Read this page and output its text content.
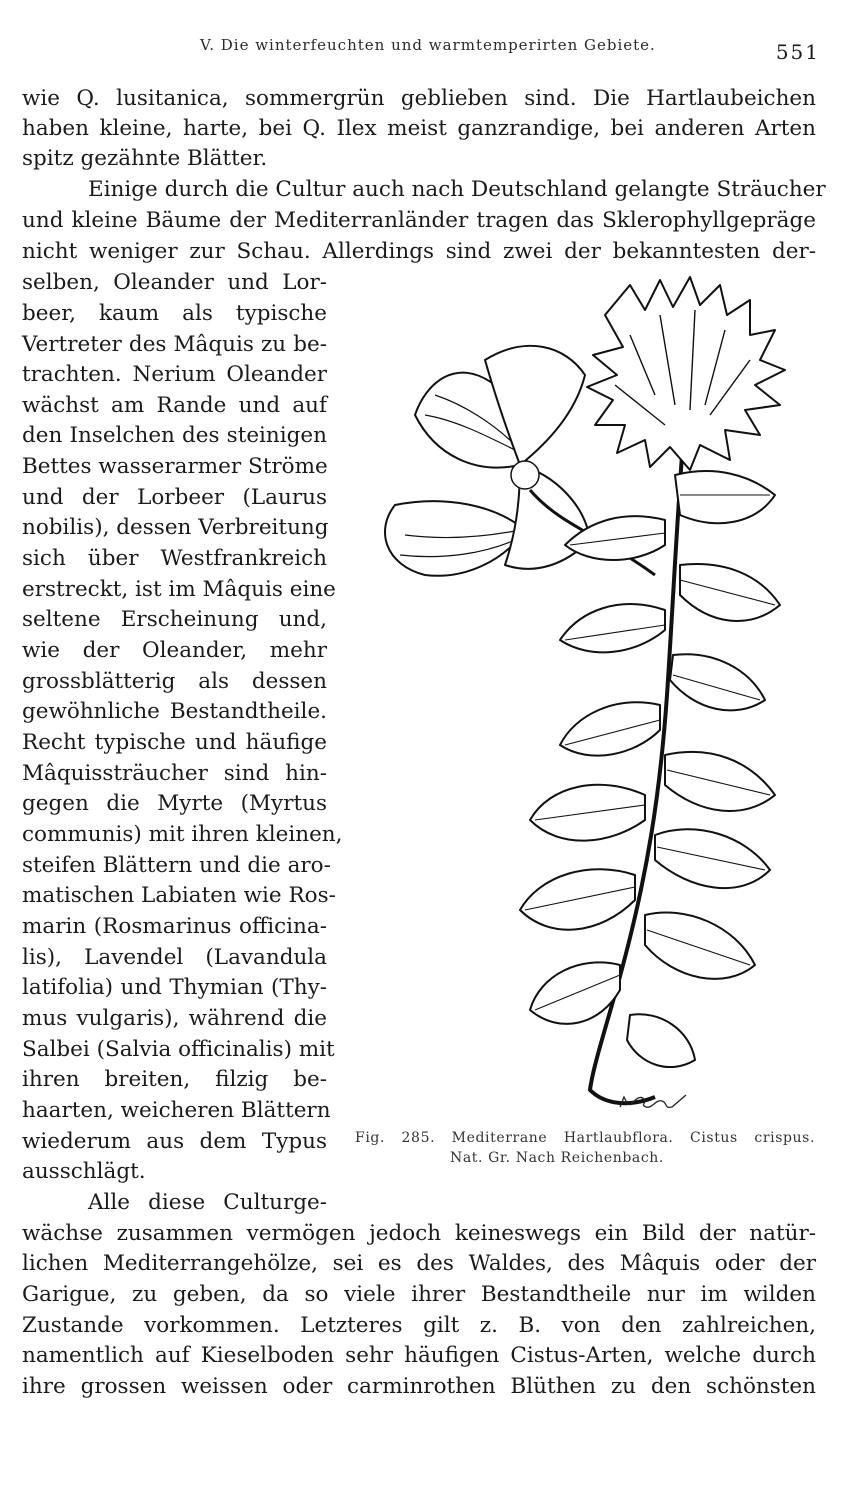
V. Die winterfeuchten und warmtemperirten Gebiete.	551
wie Q. lusitanica, sommergrün geblieben sind. Die Hartlaubeichen
haben kleine, harte, bei Q. Ilex meist ganzrandige, bei anderen Arten
spitz gezähnte Blätter.
Einige durch die Cultur auch nach Deutschland gelangte Sträucher
und kleine Bäume der Mediterranländer tragen das Sklerophyllgepräge
nicht weniger zur Schau. Allerdings sind zwei der bekanntesten der-
selben, Oleander und Lor-
beer, kaum als typische
Vertreter des Mâquis zu be-
trachten. Nerium Oleander
wächst am Rande und auf
den Inselchen des steinigen
Bettes wasserarmer Ströme
und der Lorbeer (Laurus
nobilis), dessen Verbreitung
sich über Westfrankreich
erstreckt, ist im Mâquis eine
seltene Erscheinung und,
wie der Oleander, mehr
grossblätterig als dessen
gewöhnliche Bestandtheile.
Recht typische und häufige
Mâquissträucher sind hin-
gegen die Myrte (Myrtus
communis) mit ihren kleinen,
steifen Blättern und die aro-
matischen Labiaten wie Ros-
marin (Rosmarinus officina-
lis), Lavendel (Lavandula
latifolia) und Thymian (Thy-
mus vulgaris), während die
Salbei (Salvia officinalis) mit
ihren breiten, filzig be-
haarten, weicheren Blättern
wiederum aus dem Typus
ausschlägt.
Alle diese Culturge-
wächse zusammen vermögen jedoch keineswegs ein Bild der natür-
lichen Mediterrangehölze, sei es des Waldes, des Mâquis oder der
Garigue, zu geben, da so viele ihrer Bestandtheile nur im wilden
Zustande vorkommen. Letzteres gilt z. B. von den zahlreichen,
namentlich auf Kieselboden sehr häufigen Cistus-Arten, welche durch
ihre grossen weissen oder carminrothen Blüthen zu den schönsten
Fig. 285. Mediterrane Hartlaubflora. Cistus crispus.
Nat. Gr. Nach Reichenbach.
